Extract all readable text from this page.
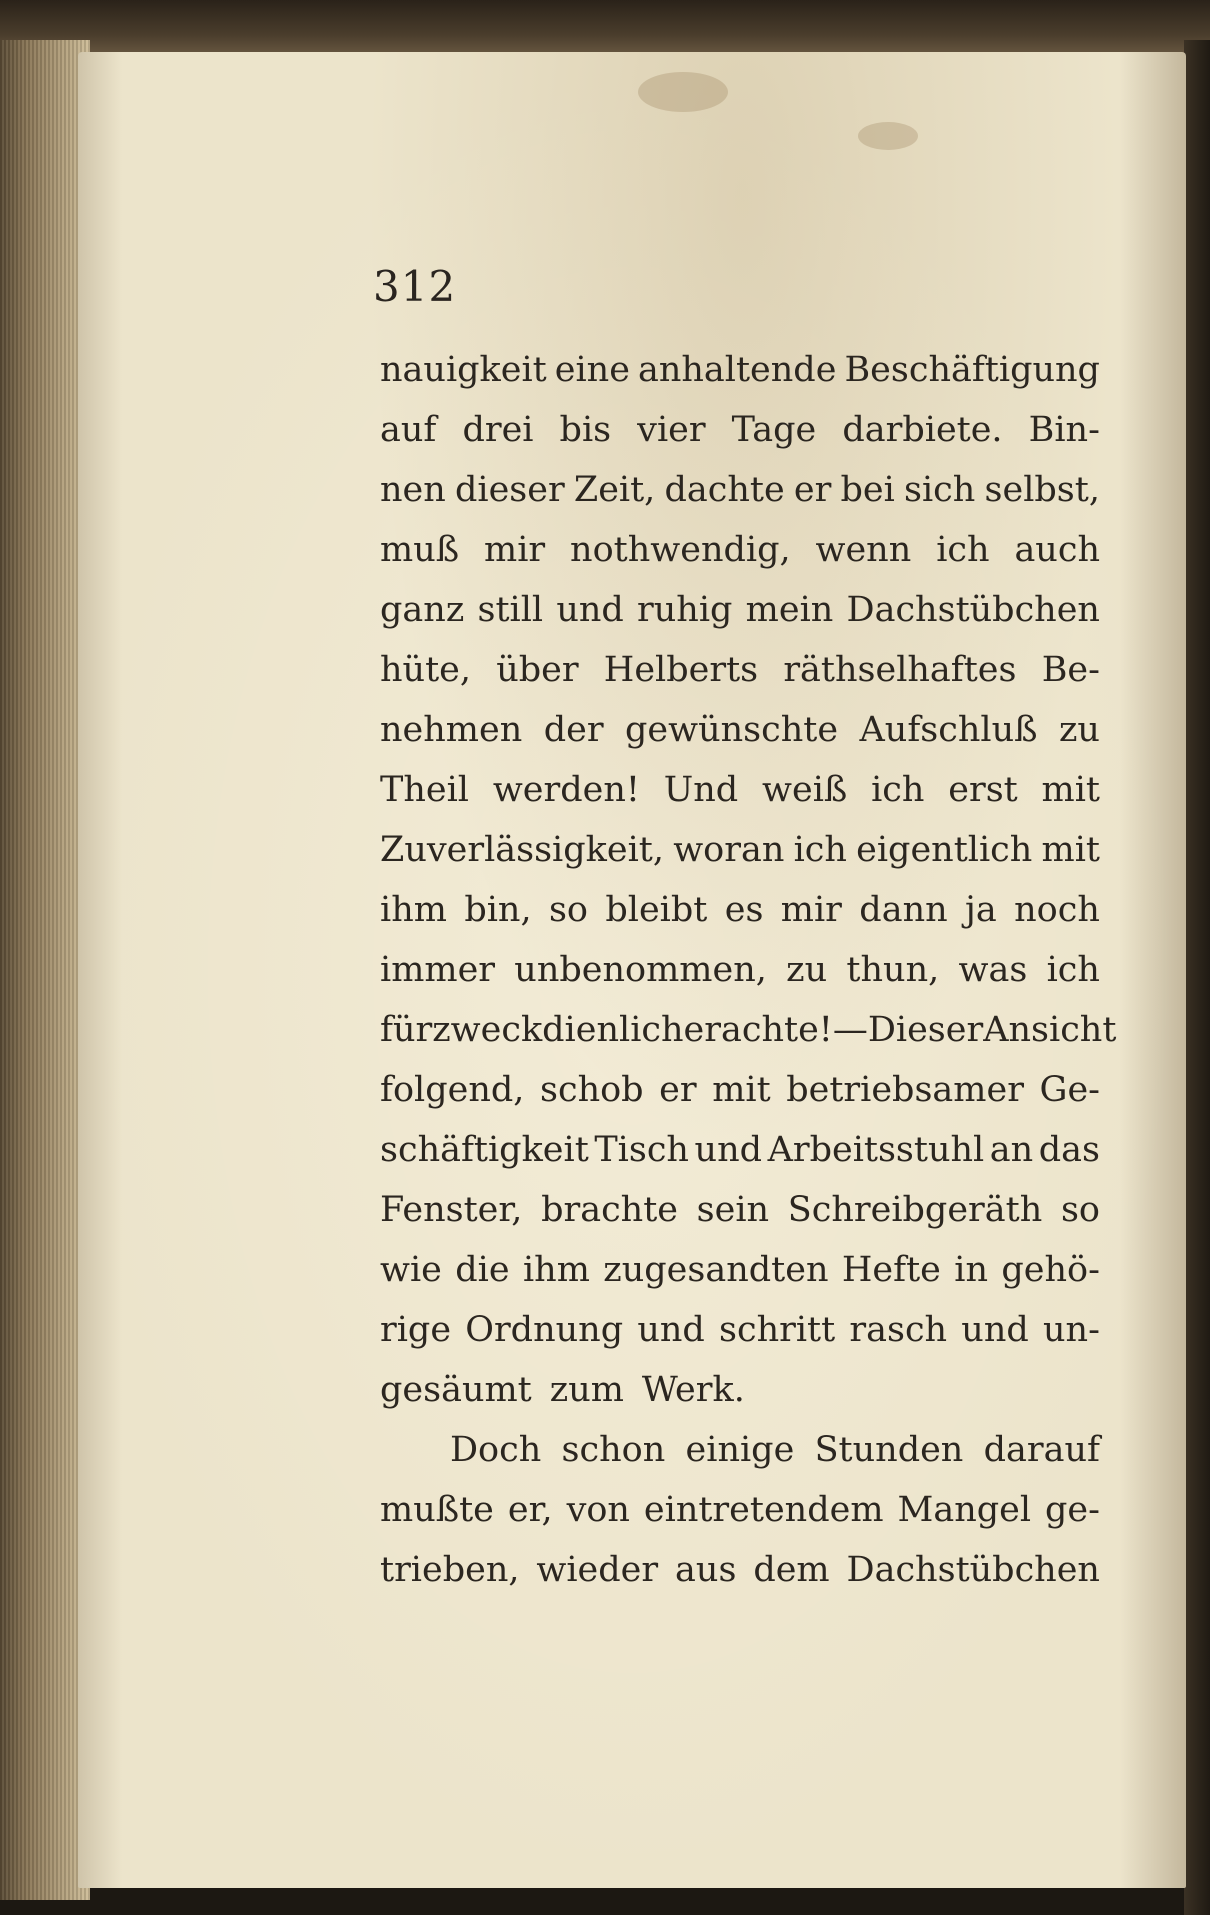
312
nauigkeit eine anhaltende Beschäftigung
auf drei bis vier Tage darbiete. Bin-
nen dieser Zeit, dachte er bei sich selbst,
muß mir nothwendig, wenn ich auch
ganz still und ruhig mein Dachstübchen
hüte, über Helberts räthselhaftes Be-
nehmen der gewünschte Aufschluß zu
Theil werden! Und weiß ich erst mit
Zuverlässigkeit, woran ich eigentlich mit
ihm bin, so bleibt es mir dann ja noch
immer unbenommen, zu thun, was ich
für zweckdienlich erachte! — Dieser Ansicht
folgend, schob er mit betriebsamer Ge-
schäftigkeit Tisch und Arbeitsstuhl an das
Fenster, brachte sein Schreibgeräth so
wie die ihm zugesandten Hefte in gehö-
rige Ordnung und schritt rasch und un-
gesäumt zum Werk.
Doch schon einige Stunden darauf
mußte er, von eintretendem Mangel ge-
trieben, wieder aus dem Dachstübchen
